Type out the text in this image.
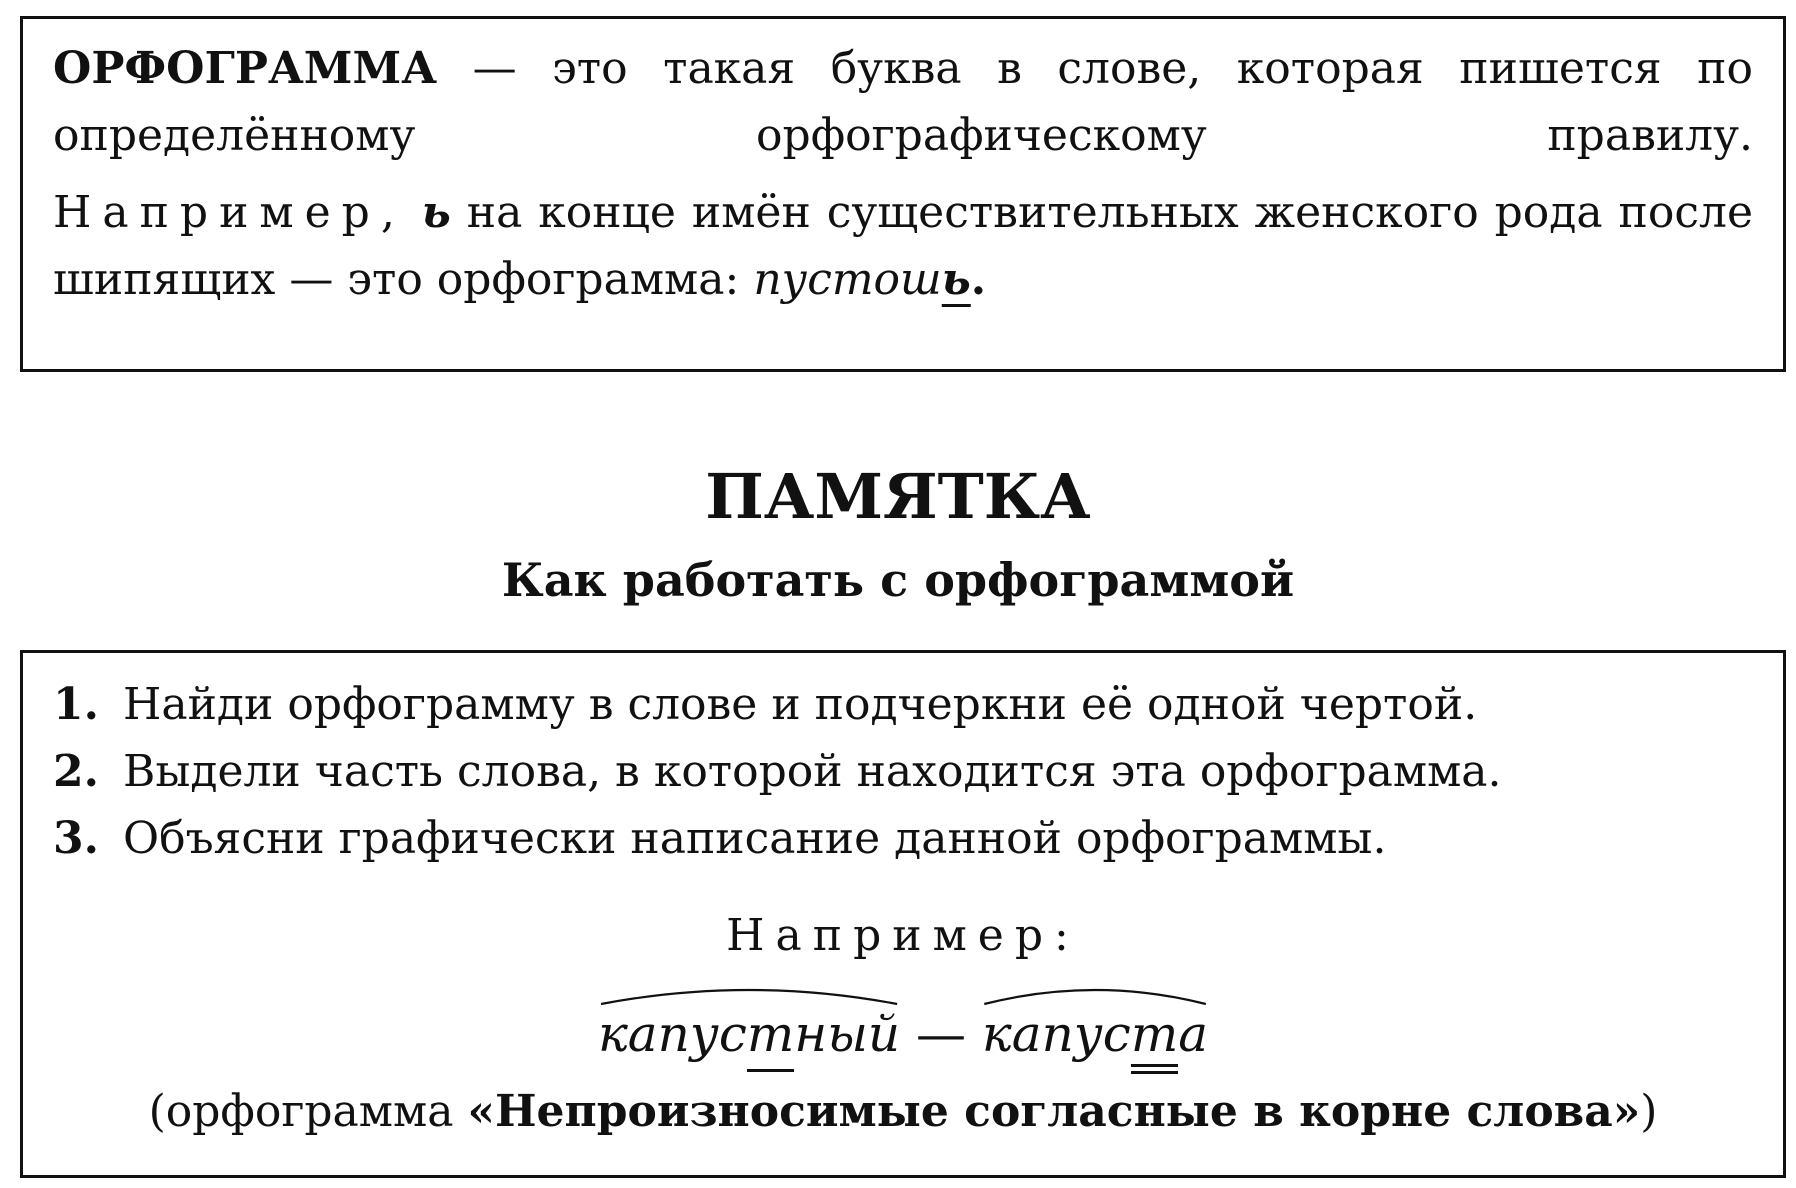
ОРФОГРАММА — это такая буква в слове, которая пишется по определённому орфографическому правилу.

Например, ь на конце имён существительных женского рода после шипящих — это орфограмма: пустошь.

ПАМЯТКА
Как работать с орфограммой
1. Найди орфограмму в слове и подчеркни её одной чертой.
2. Выдели часть слова, в которой находится эта орфограмма.
3. Объясни графически написание данной орфограммы.
Например:
капуст
ный —
капуст
а
(орфограмма «Непроизносимые согласные в корне слова»)
